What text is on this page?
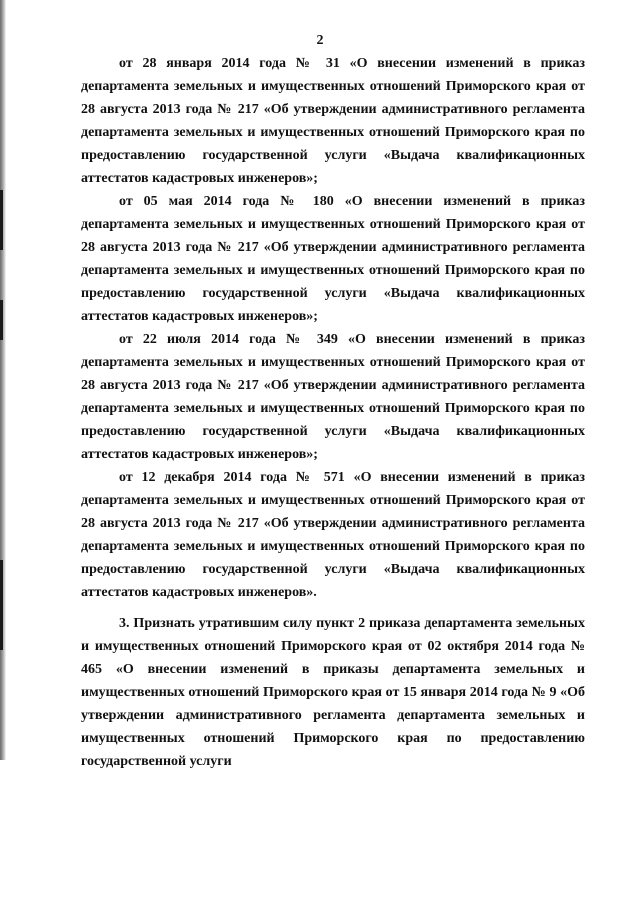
2

от 28 января 2014 года № 31 «О внесении изменений в приказ департамента земельных и имущественных отношений Приморского края от 28 августа 2013 года № 217 «Об утверждении административного регламента департамента земельных и имущественных отношений Приморского края по предоставлению государственной услуги «Выдача квалификационных аттестатов кадастровых инженеров»;

от 05 мая 2014 года № 180 «О внесении изменений в приказ департамента земельных и имущественных отношений Приморского края от 28 августа 2013 года № 217 «Об утверждении административного регламента департамента земельных и имущественных отношений Приморского края по предоставлению государственной услуги «Выдача квалификационных аттестатов кадастровых инженеров»;

от 22 июля 2014 года № 349 «О внесении изменений в приказ департамента земельных и имущественных отношений Приморского края от 28 августа 2013 года № 217 «Об утверждении административного регламента департамента земельных и имущественных отношений Приморского края по предоставлению государственной услуги «Выдача квалификационных аттестатов кадастровых инженеров»;

от 12 декабря 2014 года № 571 «О внесении изменений в приказ департамента земельных и имущественных отношений Приморского края от 28 августа 2013 года № 217 «Об утверждении административного регламента департамента земельных и имущественных отношений Приморского края по предоставлению государственной услуги «Выдача квалификационных аттестатов кадастровых инженеров».

3. Признать утратившим силу пункт 2 приказа департамента земельных и имущественных отношений Приморского края от 02 октября 2014 года № 465 «О внесении изменений в приказы департамента земельных и имущественных отношений Приморского края от 15 января 2014 года № 9 «Об утверждении административного регламента департамента земельных и имущественных отношений Приморского края по предоставлению государственной услуги
